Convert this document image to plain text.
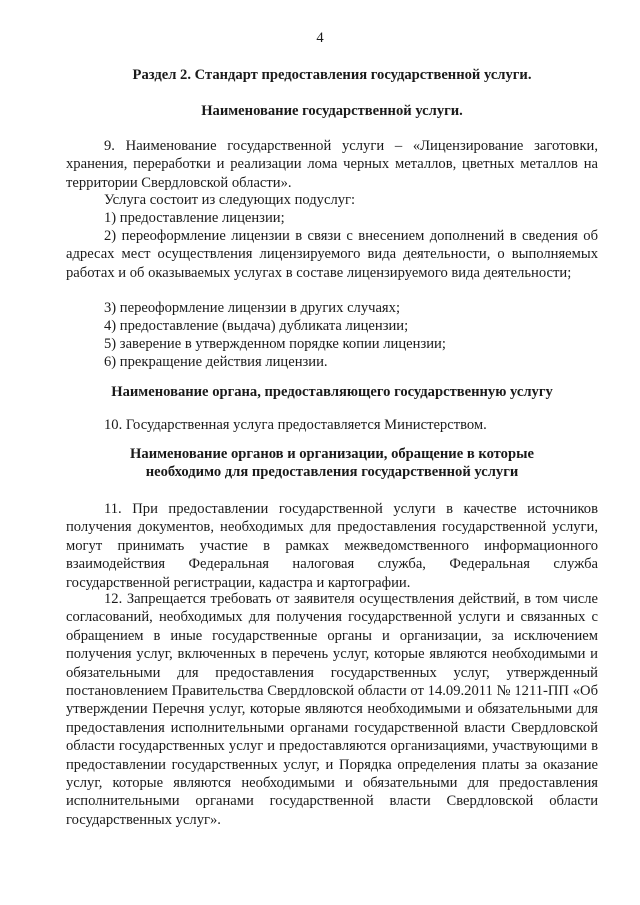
4
Раздел 2. Стандарт предоставления государственной услуги.
Наименование государственной услуги.
9. Наименование государственной услуги – «Лицензирование заготовки, хранения, переработки и реализации лома черных металлов, цветных металлов на территории Свердловской области».
Услуга состоит из следующих подуслуг:
1) предоставление лицензии;
2) переоформление лицензии в связи с внесением дополнений в сведения об адресах мест осуществления лицензируемого вида деятельности, о выполняемых работах и об оказываемых услугах в составе лицензируемого вида деятельности;
3) переоформление лицензии в других случаях;
4) предоставление (выдача) дубликата лицензии;
5) заверение в утвержденном порядке копии лицензии;
6) прекращение действия лицензии.
Наименование органа, предоставляющего государственную услугу
10. Государственная услуга предоставляется Министерством.
Наименование органов и организации, обращение в которые
необходимо для предоставления государственной услуги
11. При предоставлении государственной услуги в качестве источников получения документов, необходимых для предоставления государственной услуги, могут принимать участие в рамках межведомственного информационного взаимодействия Федеральная налоговая служба, Федеральная служба государственной регистрации, кадастра и картографии.
12. Запрещается требовать от заявителя осуществления действий, в том числе согласований, необходимых для получения государственной услуги и связанных с обращением в иные государственные органы и организации, за исключением получения услуг, включенных в перечень услуг, которые являются необходимыми и обязательными для предоставления государственных услуг, утвержденный постановлением Правительства Свердловской области от 14.09.2011 № 1211-ПП «Об утверждении Перечня услуг, которые являются необходимыми и обязательными для предоставления исполнительными органами государственной власти Свердловской области государственных услуг и предоставляются организациями, участвующими в предоставлении государственных услуг, и Порядка определения платы за оказание услуг, которые являются необходимыми и обязательными для предоставления исполнительными органами государственной власти Свердловской области государственных услуг».
